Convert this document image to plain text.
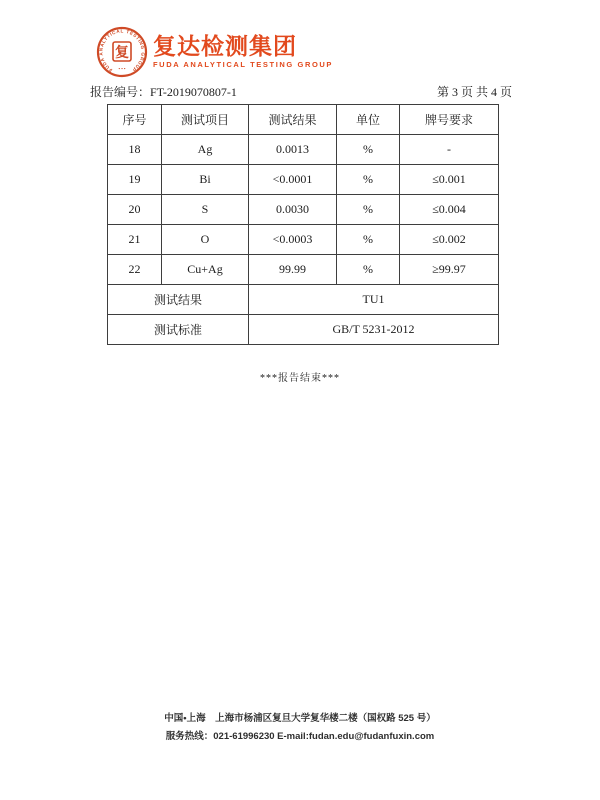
FUDA ANALYTICAL TESTING GROUP
复
• • •
复达检测集团
FUDA ANALYTICAL TESTING GROUP
报告编号：FT-2019070807-1	第 3 页 共 4 页
序号	测试项目	测试结果	单位	牌号要求
18	Ag	0.0013	%	-
19	Bi	<0.0001	%	≤0.001
20	S	0.0030	%	≤0.004
21	O	<0.0003	%	≤0.002
22	Cu+Ag	99.99	%	≥99.97
测试结果		TU1		
测试标准		GB/T 5231-2012		
***报告结束***
中国•上海　上海市杨浦区复旦大学复华楼二楼（国权路 525 号）
服务热线：021-61996230 E-mail:fudan.edu@fudanfuxin.com
